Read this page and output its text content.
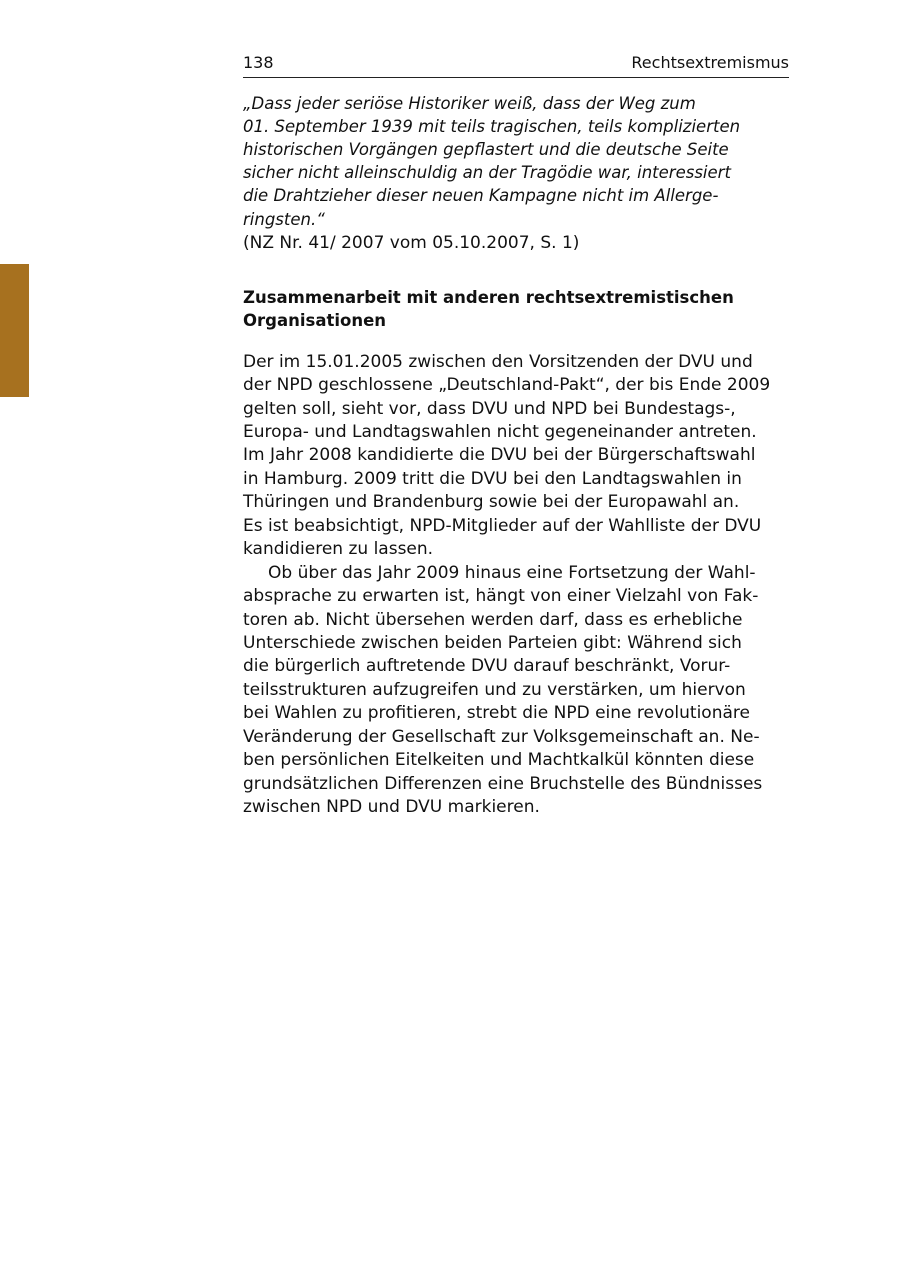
138	Rechtsextremismus
„Dass jeder seriöse Historiker weiß, dass der Weg zum
01. September 1939 mit teils tragischen, teils komplizierten
historischen Vorgängen gepflastert und die deutsche Seite
sicher nicht alleinschuldig an der Tragödie war, interessiert
die Drahtzieher dieser neuen Kampagne nicht im Allerge-
ringsten.“
(NZ Nr. 41/ 2007 vom 05.10.2007, S. 1)
Zusammenarbeit mit anderen rechtsextremistischen
Organisationen
Der im 15.01.2005 zwischen den Vorsitzenden der DVU und
der NPD geschlossene „Deutschland-Pakt“, der bis Ende 2009
gelten soll, sieht vor, dass DVU und NPD bei Bundestags-,
Europa- und Landtagswahlen nicht gegeneinander antreten.
Im Jahr 2008 kandidierte die DVU bei der Bürgerschaftswahl
in Hamburg. 2009 tritt die DVU bei den Landtagswahlen in
Thüringen und Brandenburg sowie bei der Europawahl an.
Es ist beabsichtigt, NPD-Mitglieder auf der Wahlliste der DVU
kandidieren zu lassen.
Ob über das Jahr 2009 hinaus eine Fortsetzung der Wahl-
absprache zu erwarten ist, hängt von einer Vielzahl von Fak-
toren ab. Nicht übersehen werden darf, dass es erhebliche
Unterschiede zwischen beiden Parteien gibt: Während sich
die bürgerlich auftretende DVU darauf beschränkt, Vorur-
teilsstrukturen aufzugreifen und zu verstärken, um hiervon
bei Wahlen zu profitieren, strebt die NPD eine revolutionäre
Veränderung der Gesellschaft zur Volksgemeinschaft an. Ne-
ben persönlichen Eitelkeiten und Machtkalkül könnten diese
grundsätzlichen Differenzen eine Bruchstelle des Bündnisses
zwischen NPD und DVU markieren.
